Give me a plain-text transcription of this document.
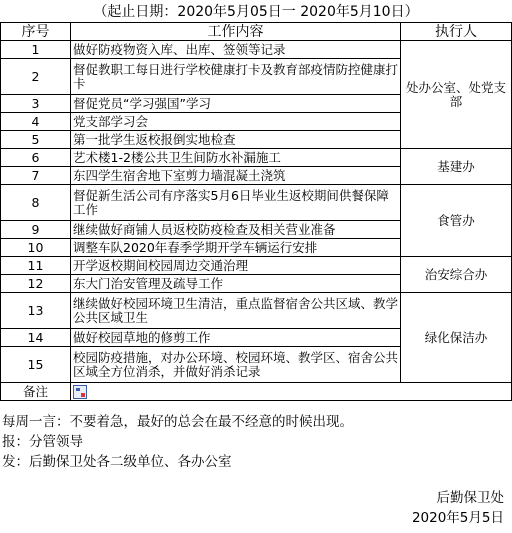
（起止日期：2020年5月05日一 2020年5月10日）
序号	工作内容	执行人
1	做好防疫物资入库、出库、签领等记录	处办公室、处党支部
2	督促教职工每日进行学校健康打卡及教育部疫情防控健康打卡	
3	督促党员“学习强国”学习	
4	党支部学习会	
5	第一批学生返校报倒实地检查	
6	艺术楼1-2楼公共卫生间防水补漏施工	基建办
7	东四学生宿舍地下室剪力墙混凝土浇筑	
8	督促新生活公司有序落实5月6日毕业生返校期间供餐保障工作	食管办
9	继续做好商铺人员返校防疫检查及相关营业准备	
10	调整车队2020年春季学期开学车辆运行安排	
11	开学返校期间校园周边交通治理	治安综合办
12	东大门治安管理及疏导工作	
13	继续做好校园环境卫生清洁，重点监督宿舍公共区域、教学公共区域卫生	绿化保洁办
14	做好校园草地的修剪工作	
15	校园防疫措施，对办公环境、校园环境、教学区、宿舍公共区域全方位消杀，并做好消杀记录	
备注		
每周一言：不要着急，最好的总会在最不经意的时候出现。
报：分管领导
发：后勤保卫处各二级单位、各办公室
后勤保卫处
2020年5月5日
